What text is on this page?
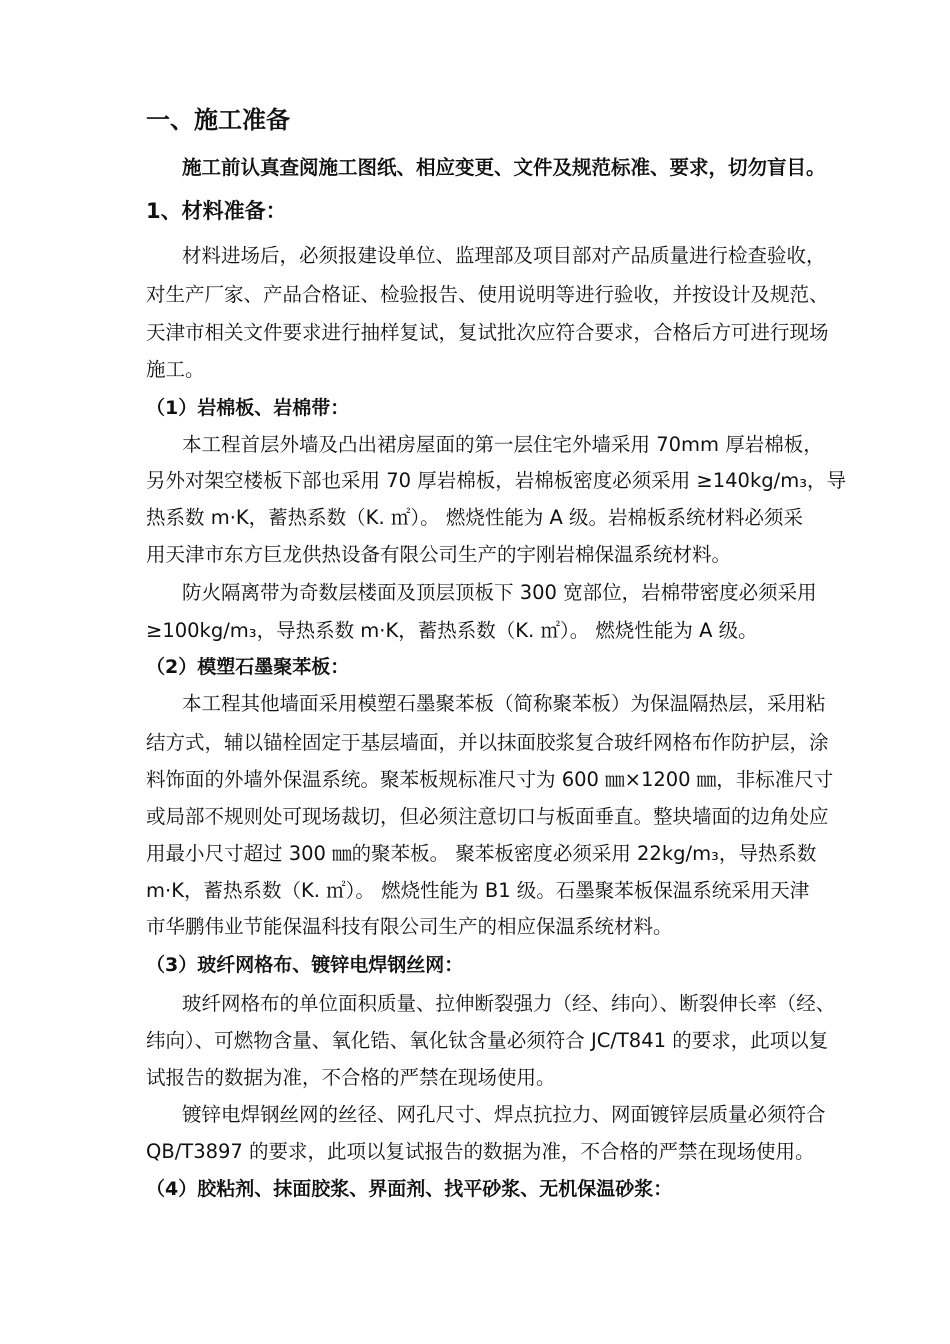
一、施工准备
施工前认真查阅施工图纸、相应变更、文件及规范标准、要求，切勿盲目。
1、材料准备：
材料进场后，必须报建设单位、监理部及项目部对产品质量进行检查验收，
对生产厂家、产品合格证、检验报告、使用说明等进行验收，并按设计及规范、
天津市相关文件要求进行抽样复试，复试批次应符合要求，合格后方可进行现场
施工。
（1）岩棉板、岩棉带：
本工程首层外墙及凸出裙房屋面的第一层住宅外墙采用 70mm 厚岩棉板，
另外对架空楼板下部也采用 70 厚岩棉板，岩棉板密度必须采用 ≥140kg/m₃，导
热系数 m·K，蓄热系数（K. ㎡）。 燃烧性能为 A 级。岩棉板系统材料必须采
用天津市东方巨龙供热设备有限公司生产的宇刚岩棉保温系统材料。
防火隔离带为奇数层楼面及顶层顶板下 300 宽部位，岩棉带密度必须采用
≥100kg/m₃，导热系数 m·K，蓄热系数（K. ㎡）。 燃烧性能为 A 级。
（2）模塑石墨聚苯板：
本工程其他墙面采用模塑石墨聚苯板（简称聚苯板）为保温隔热层，采用粘
结方式，辅以锚栓固定于基层墙面，并以抹面胶浆复合玻纤网格布作防护层，涂
料饰面的外墙外保温系统。聚苯板规标准尺寸为 600 ㎜×1200 ㎜，非标准尺寸
或局部不规则处可现场裁切，但必须注意切口与板面垂直。整块墙面的边角处应
用最小尺寸超过 300 ㎜的聚苯板。 聚苯板密度必须采用 22kg/m₃，导热系数
m·K，蓄热系数（K. ㎡）。 燃烧性能为 B1 级。石墨聚苯板保温系统采用天津
市华鹏伟业节能保温科技有限公司生产的相应保温系统材料。
（3）玻纤网格布、镀锌电焊钢丝网：
玻纤网格布的单位面积质量、拉伸断裂强力（经、纬向）、断裂伸长率（经、
纬向）、可燃物含量、氧化锆、氧化钛含量必须符合 JC/T841 的要求，此项以复
试报告的数据为准，不合格的严禁在现场使用。
镀锌电焊钢丝网的丝径、网孔尺寸、焊点抗拉力、网面镀锌层质量必须符合
QB/T3897 的要求，此项以复试报告的数据为准，不合格的严禁在现场使用。
（4）胶粘剂、抹面胶浆、界面剂、找平砂浆、无机保温砂浆：
